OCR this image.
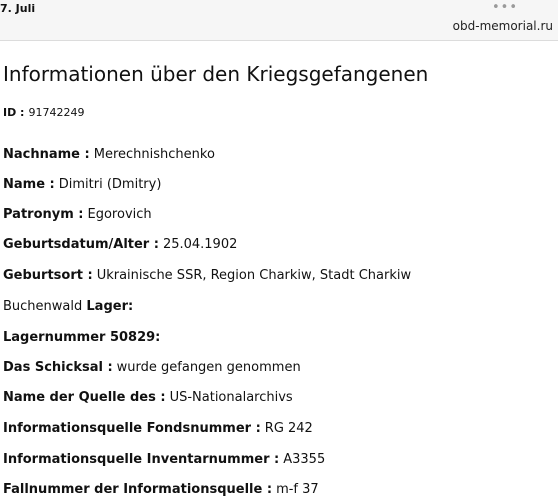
7. Juli	•••
obd-memorial.ru
Informationen über den Kriegsgefangenen
ID : 91742249
Nachname : Merechnishchenko
Name : Dimitri (Dmitry)
Patronym : Egorovich
Geburtsdatum/Alter : 25.04.1902
Geburtsort : Ukrainische SSR, Region Charkiw, Stadt Charkiw
Buchenwald Lager:
Lagernummer 50829:
Das Schicksal : wurde gefangen genommen
Name der Quelle des : US-Nationalarchivs
Informationsquelle Fondsnummer : RG 242
Informationsquelle Inventarnummer : A3355
Fallnummer der Informationsquelle : m-f 37
